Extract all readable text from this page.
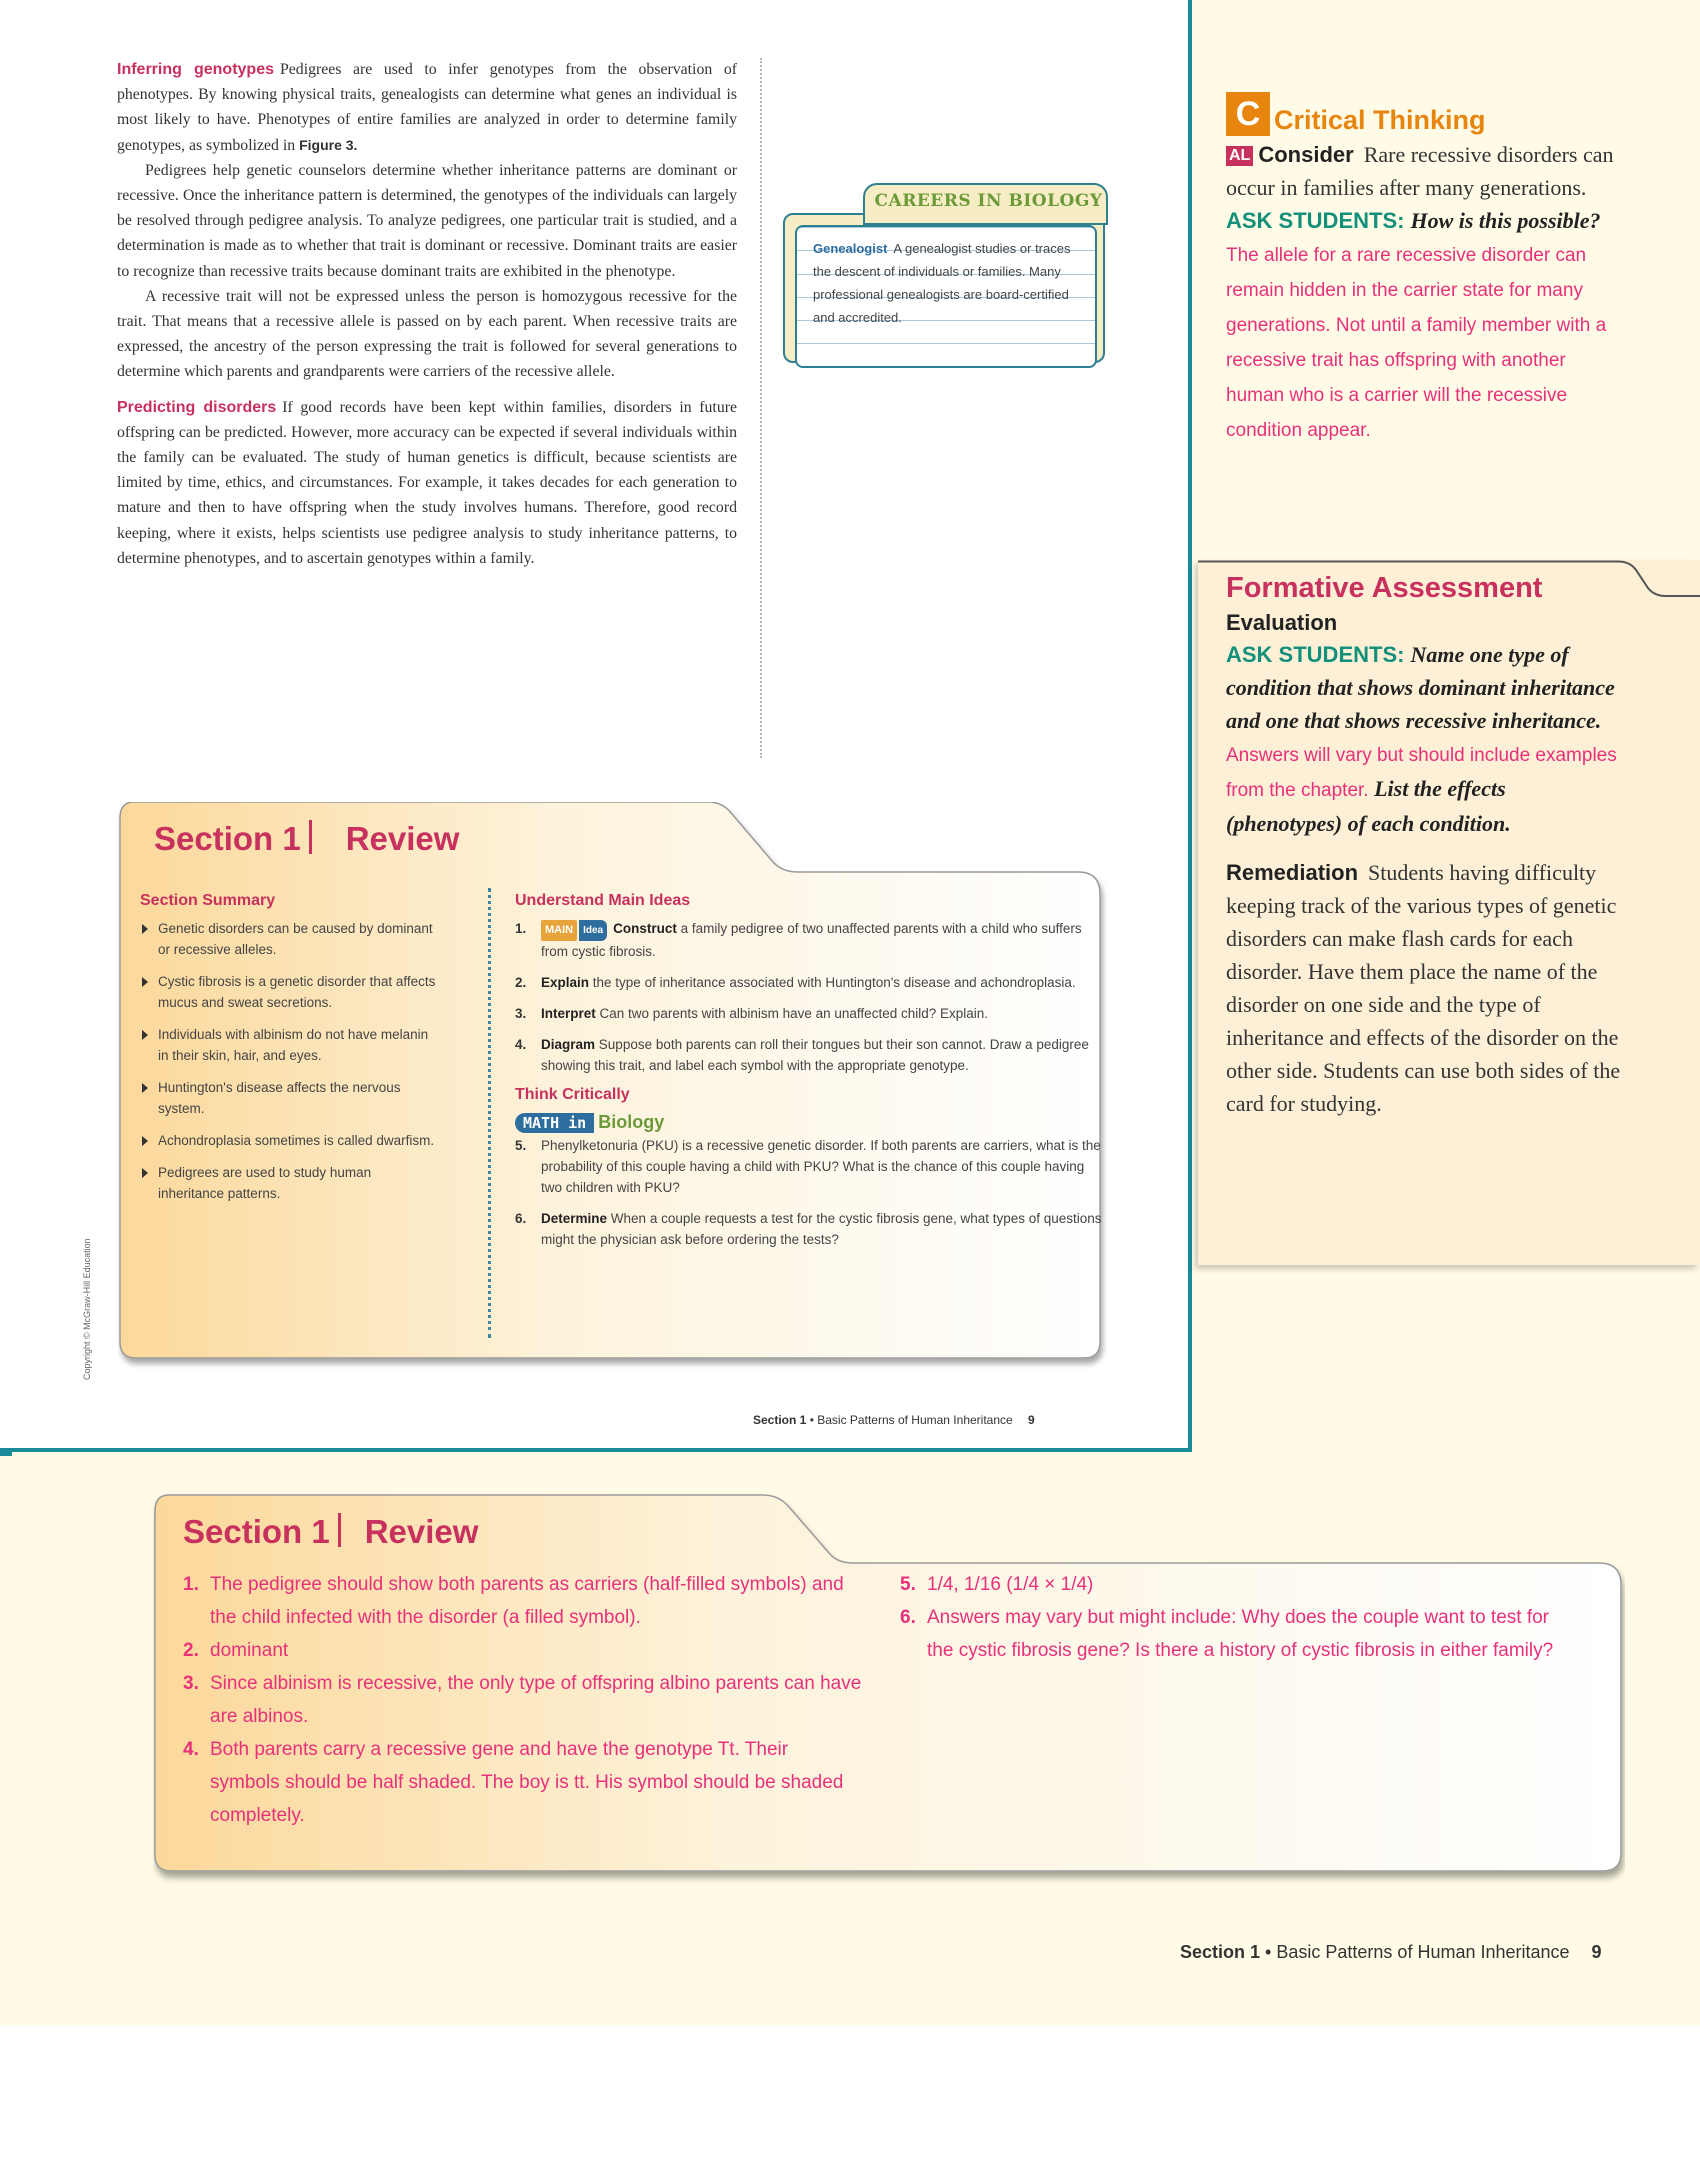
Inferring genotypes Pedigrees are used to infer genotypes from the observation of phenotypes. By knowing physical traits, genealogists can determine what genes an individual is most likely to have. Phenotypes of entire families are analyzed in order to determine family genotypes, as symbolized in Figure 3.

Pedigrees help genetic counselors determine whether inheritance patterns are dominant or recessive. Once the inheritance pattern is determined, the genotypes of the individuals can largely be resolved through pedigree analysis. To analyze pedigrees, one particular trait is studied, and a determination is made as to whether that trait is dominant or recessive. Dominant traits are easier to recognize than recessive traits because dominant traits are exhibited in the phenotype.

A recessive trait will not be expressed unless the person is homozygous recessive for the trait. That means that a recessive allele is passed on by each parent. When recessive traits are expressed, the ancestry of the person expressing the trait is followed for several generations to determine which parents and grandparents were carriers of the recessive allele.

Predicting disorders If good records have been kept within families, disorders in future offspring can be predicted. However, more accuracy can be expected if several individuals within the family can be evaluated. The study of human genetics is difficult, because scientists are limited by time, ethics, and circumstances. For example, it takes decades for each generation to mature and then to have offspring when the study involves humans. Therefore, good record keeping, where it exists, helps scientists use pedigree analysis to study inheritance patterns, to determine phenotypes, and to ascertain genotypes within a family.

CAREERS IN BIOLOGY
Genealogist A genealogist studies or traces the descent of individuals or families. Many professional genealogists are board-certified and accredited.
Section 1 Review
Section Summary
Genetic disorders can be caused by dominant or recessive alleles.
Cystic fibrosis is a genetic disorder that affects mucus and sweat secretions.
Individuals with albinism do not have melanin in their skin, hair, and eyes.
Huntington's disease affects the nervous system.
Achondroplasia sometimes is called dwarfism.
Pedigrees are used to study human inheritance patterns.
Understand Main Ideas
1. MAIN Idea Construct a family pedigree of two unaffected parents with a child who suffers from cystic fibrosis.
2. Explain the type of inheritance associated with Huntington's disease and achondroplasia.
3. Interpret Can two parents with albinism have an unaffected child? Explain.
4. Diagram Suppose both parents can roll their tongues but their son cannot. Draw a pedigree showing this trait, and label each symbol with the appropriate genotype.
Think Critically
MATH in Biology
5. Phenylketonuria (PKU) is a recessive genetic disorder. If both parents are carriers, what is the probability of this couple having a child with PKU? What is the chance of this couple having two children with PKU?
6. Determine When a couple requests a test for the cystic fibrosis gene, what types of questions might the physician ask before ordering the tests?
Section 1 • Basic Patterns of Human Inheritance 9
Copyright © McGraw-Hill Education
C Critical Thinking
AL Consider Rare recessive disorders can occur in families after many generations. ASK STUDENTS: How is this possible? The allele for a rare recessive disorder can remain hidden in the carrier state for many generations. Not until a family member with a recessive trait has offspring with another human who is a carrier will the recessive condition appear.
Formative Assessment
Evaluation
ASK STUDENTS: Name one type of condition that shows dominant inheritance and one that shows recessive inheritance. Answers will vary but should include examples from the chapter. List the effects (phenotypes) of each condition.
Remediation Students having difficulty keeping track of the various types of genetic disorders can make flash cards for each disorder. Have them place the name of the disorder on one side and the type of inheritance and effects of the disorder on the other side. Students can use both sides of the card for studying.
Section 1 Review
1. The pedigree should show both parents as carriers (half-filled symbols) and the child infected with the disorder (a filled symbol).
2. dominant
3. Since albinism is recessive, the only type of offspring albino parents can have are albinos.
4. Both parents carry a recessive gene and have the genotype Tt. Their symbols should be half shaded. The boy is tt. His symbol should be shaded completely.
5. 1/4, 1/16 (1/4 × 1/4)
6. Answers may vary but might include: Why does the couple want to test for the cystic fibrosis gene? Is there a history of cystic fibrosis in either family?
Section 1 • Basic Patterns of Human Inheritance 9
